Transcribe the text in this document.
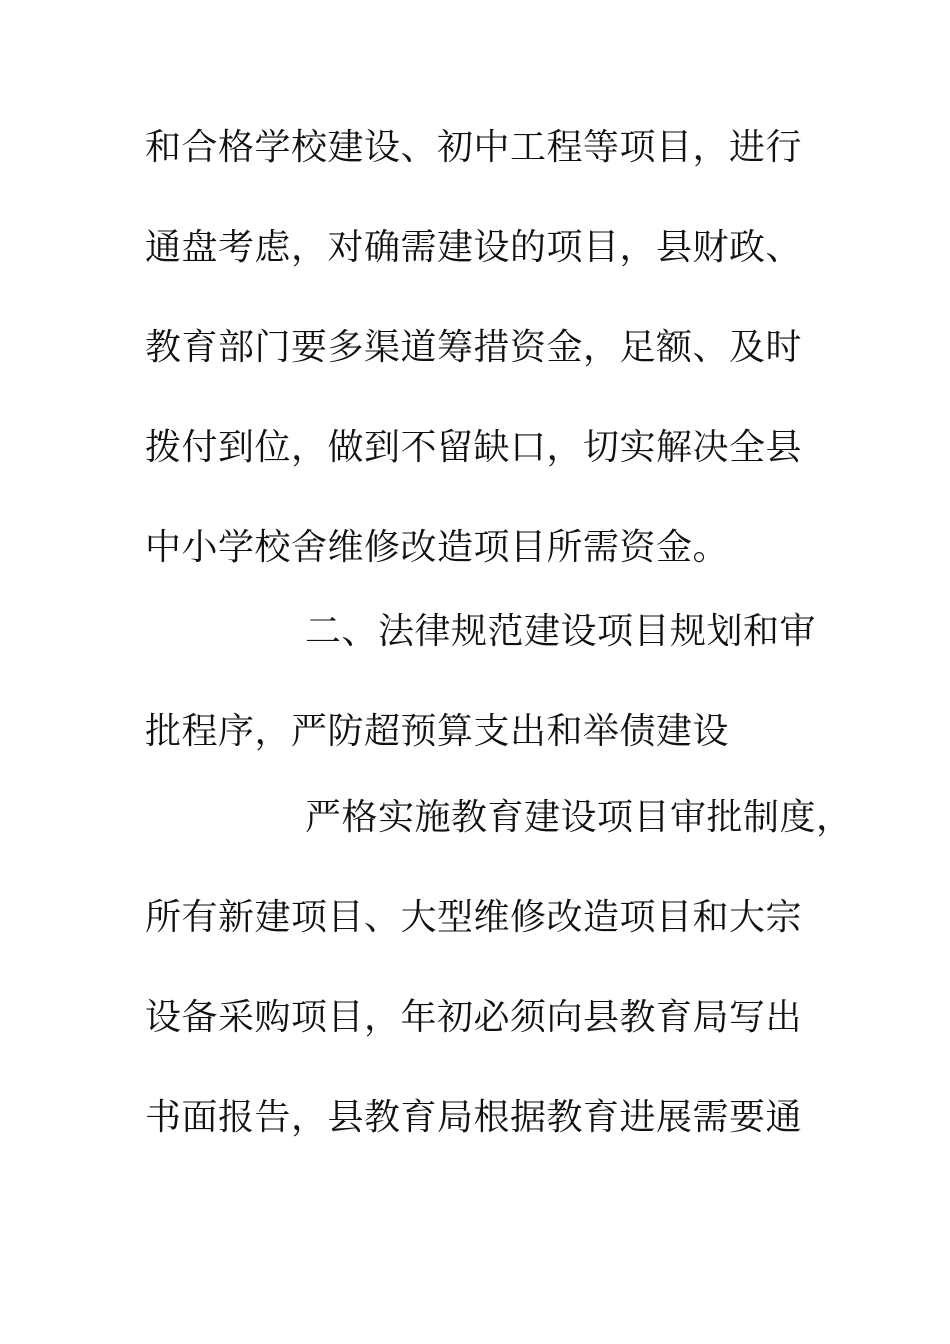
和合格学校建设、初中工程等项目，进行
通盘考虑，对确需建设的项目，县财政、
教育部门要多渠道筹措资金，足额、及时
拨付到位，做到不留缺口，切实解决全县
中小学校舍维修改造项目所需资金。
二、法律规范建设项目规划和审
批程序，严防超预算支出和举债建设
严格实施教育建设项目审批制度，
所有新建项目、大型维修改造项目和大宗
设备采购项目，年初必须向县教育局写出
书面报告，县教育局根据教育进展需要通
